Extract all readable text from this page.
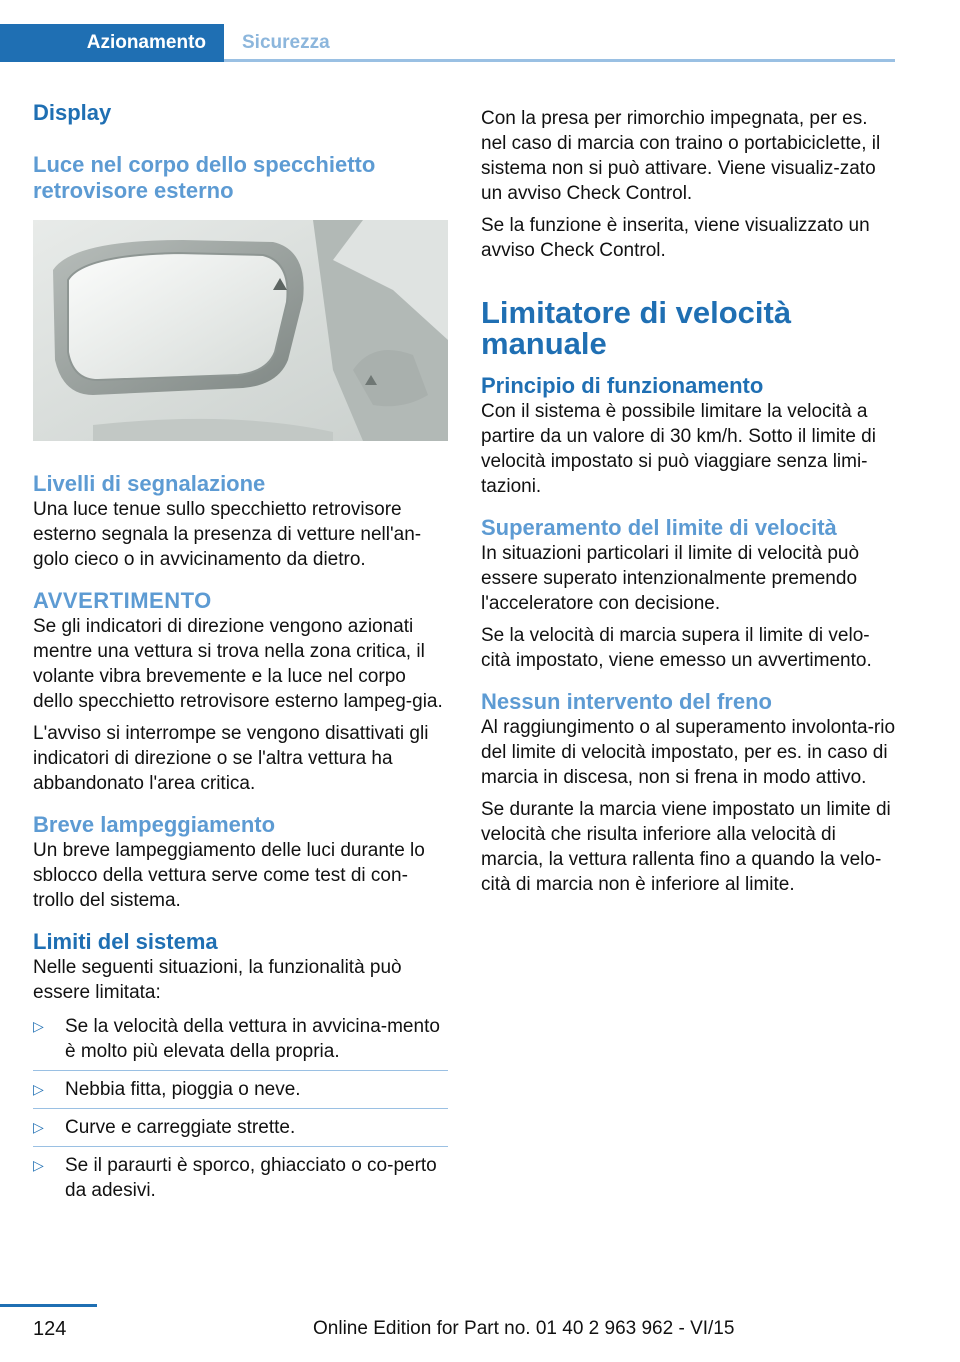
Azionamento	Sicurezza
Display
Luce nel corpo dello specchietto retrovisore esterno
Livelli di segnalazione

Una luce tenue sullo specchietto retrovisore esterno segnala la presenza di vetture nell'an-golo cieco o in avvicinamento da dietro.

AVVERTIMENTO

Se gli indicatori di direzione vengono azionati mentre una vettura si trova nella zona critica, il volante vibra brevemente e la luce nel corpo dello specchietto retrovisore esterno lampeg-gia.

L'avviso si interrompe se vengono disattivati gli indicatori di direzione o se l'altra vettura ha abbandonato l'area critica.

Breve lampeggiamento

Un breve lampeggiamento delle luci durante lo sblocco della vettura serve come test di con-trollo del sistema.

Limiti del sistema

Nelle seguenti situazioni, la funzionalità può essere limitata:

▷ Se la velocità della vettura in avvicina-mento è molto più elevata della propria.
▷ Nebbia fitta, pioggia o neve.
▷ Curve e carreggiate strette.
▷ Se il paraurti è sporco, ghiacciato o co-perto da adesivi.

Con la presa per rimorchio impegnata, per es. nel caso di marcia con traino o portabiciclette, il sistema non si può attivare. Viene visualiz-zato un avviso Check Control.

Se la funzione è inserita, viene visualizzato un avviso Check Control.

Limitatore di velocità manuale
Principio di funzionamento

Con il sistema è possibile limitare la velocità a partire da un valore di 30 km/h. Sotto il limite di velocità impostato si può viaggiare senza limi-tazioni.

Superamento del limite di velocità

In situazioni particolari il limite di velocità può essere superato intenzionalmente premendo l'acceleratore con decisione.

Se la velocità di marcia supera il limite di velo-cità impostato, viene emesso un avvertimento.

Nessun intervento del freno

Al raggiungimento o al superamento involonta-rio del limite di velocità impostato, per es. in caso di marcia in discesa, non si frena in modo attivo.

Se durante la marcia viene impostato un limite di velocità che risulta inferiore alla velocità di marcia, la vettura rallenta fino a quando la velo-cità di marcia non è inferiore al limite.

124	Online Edition for Part no. 01 40 2 963 962 - VI/15
